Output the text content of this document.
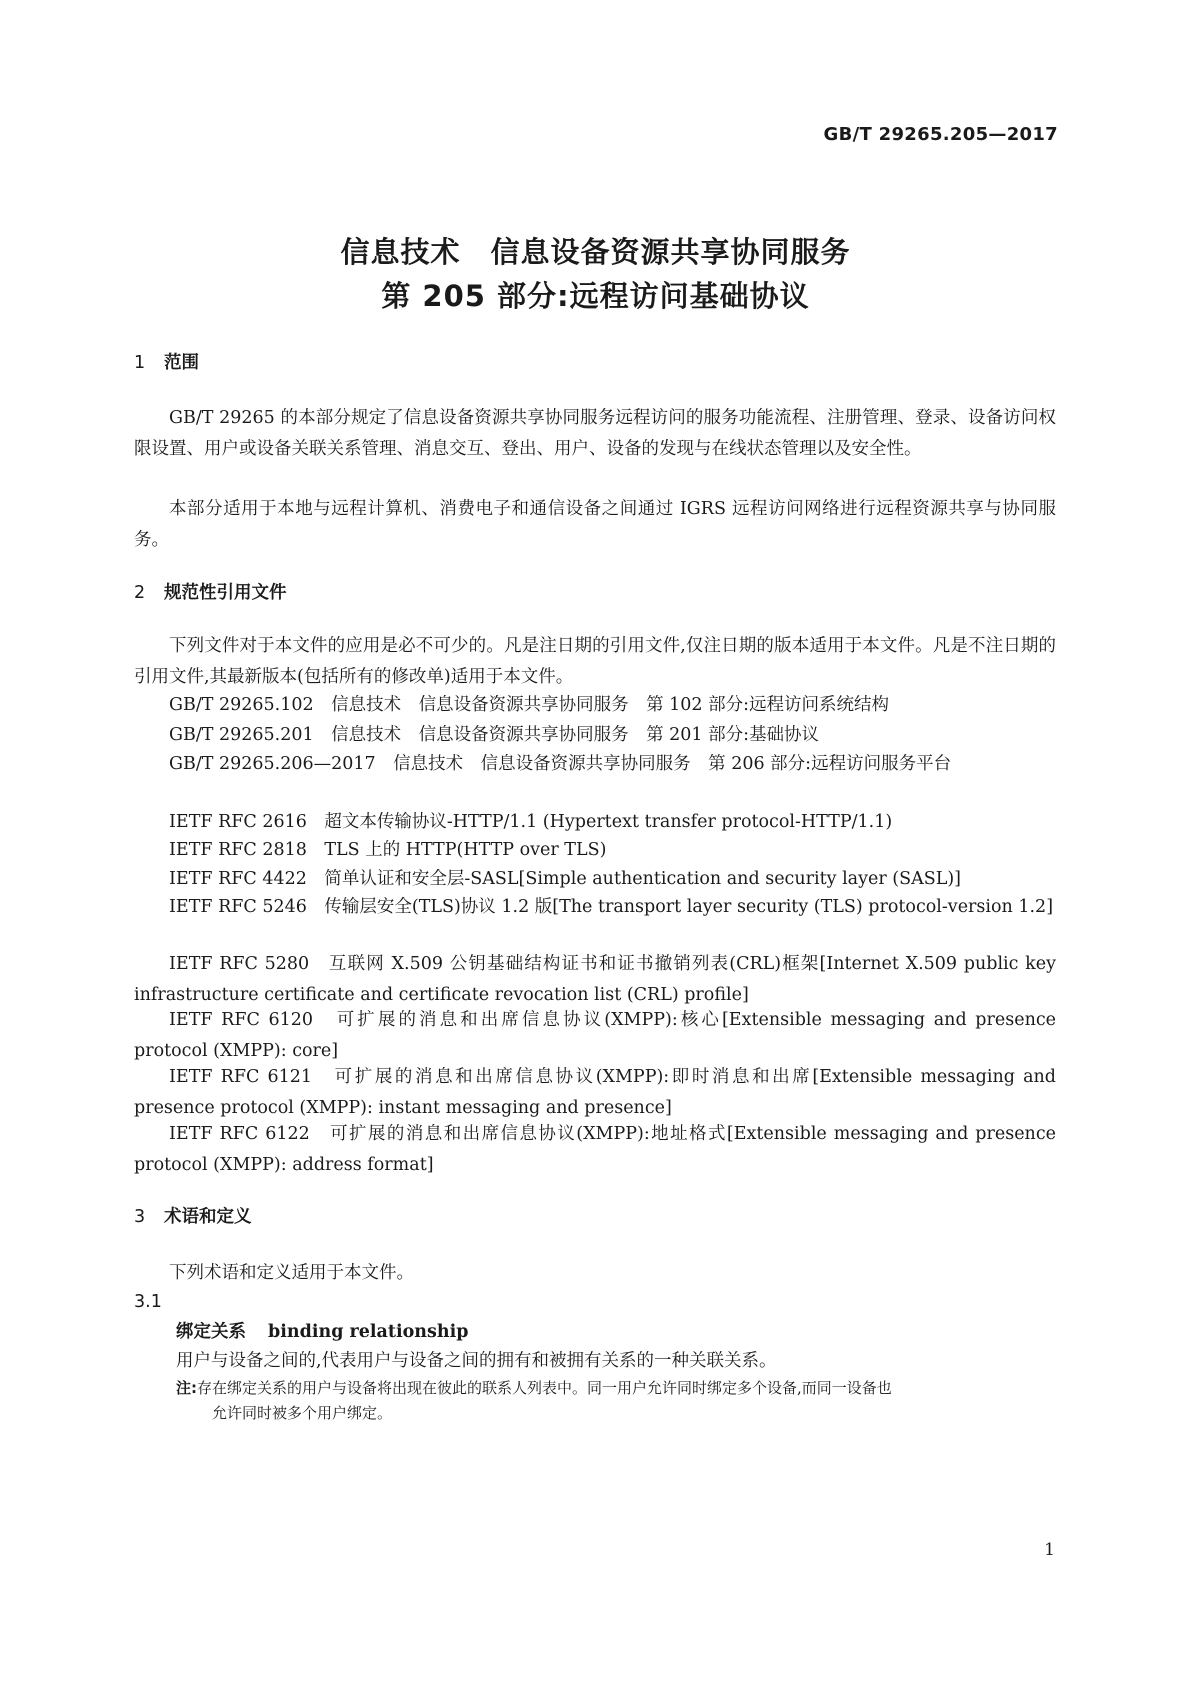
GB/T 29265.205—2017
信息技术　信息设备资源共享协同服务
第 205 部分:远程访问基础协议
1 范围
GB/T 29265 的本部分规定了信息设备资源共享协同服务远程访问的服务功能流程、注册管理、登录、设备访问权限设置、用户或设备关联关系管理、消息交互、登出、用户、设备的发现与在线状态管理以及安全性。
本部分适用于本地与远程计算机、消费电子和通信设备之间通过 IGRS 远程访问网络进行远程资源共享与协同服务。
2 规范性引用文件
下列文件对于本文件的应用是必不可少的。凡是注日期的引用文件,仅注日期的版本适用于本文件。凡是不注日期的引用文件,其最新版本(包括所有的修改单)适用于本文件。
GB/T 29265.102　信息技术　信息设备资源共享协同服务　第 102 部分:远程访问系统结构
GB/T 29265.201　信息技术　信息设备资源共享协同服务　第 201 部分:基础协议
GB/T 29265.206—2017　信息技术　信息设备资源共享协同服务　第 206 部分:远程访问服务平台
IETF RFC 2616　超文本传输协议-HTTP/1.1 (Hypertext transfer protocol-HTTP/1.1)
IETF RFC 2818　TLS 上的 HTTP(HTTP over TLS)
IETF RFC 4422　简单认证和安全层-SASL[Simple authentication and security layer (SASL)]
IETF RFC 5246　传输层安全(TLS)协议 1.2 版[The transport layer security (TLS) protocol-version 1.2]
IETF RFC 5280　互联网 X.509 公钥基础结构证书和证书撤销列表(CRL)框架[Internet X.509 public key infrastructure certificate and certificate revocation list (CRL) profile]
IETF RFC 6120　可扩展的消息和出席信息协议(XMPP):核心[Extensible messaging and presence protocol (XMPP): core]
IETF RFC 6121　可扩展的消息和出席信息协议(XMPP):即时消息和出席[Extensible messaging and presence protocol (XMPP): instant messaging and presence]
IETF RFC 6122　可扩展的消息和出席信息协议(XMPP):地址格式[Extensible messaging and presence protocol (XMPP): address format]
3 术语和定义
下列术语和定义适用于本文件。
3.1
绑定关系 binding relationship
用户与设备之间的,代表用户与设备之间的拥有和被拥有关系的一种关联关系。
注:存在绑定关系的用户与设备将出现在彼此的联系人列表中。同一用户允许同时绑定多个设备,而同一设备也
允许同时被多个用户绑定。
1
